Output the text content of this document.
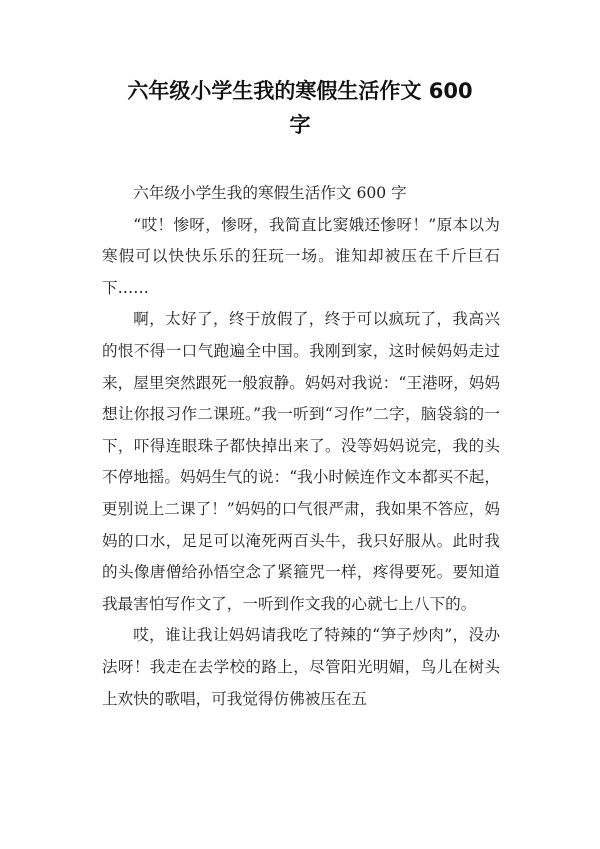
六年级小学生我的寒假生活作文 600
字

六年级小学生我的寒假生活作文 600 字

“哎！惨呀，惨呀，我简直比窦娥还惨呀！”原本以为寒假可以快快乐乐的狂玩一场。谁知却被压在千斤巨石下……

啊，太好了，终于放假了，终于可以疯玩了，我高兴的恨不得一口气跑遍全中国。我刚到家，这时候妈妈走过来，屋里突然跟死一般寂静。妈妈对我说：“王港呀，妈妈想让你报习作二课班。”我一听到“习作”二字，脑袋翁的一下，吓得连眼珠子都快掉出来了。没等妈妈说完，我的头不停地摇。妈妈生气的说：“我小时候连作文本都买不起，更别说上二课了！”妈妈的口气很严肃，我如果不答应，妈妈的口水，足足可以淹死两百头牛，我只好服从。此时我的头像唐僧给孙悟空念了紧箍咒一样，疼得要死。要知道我最害怕写作文了，一听到作文我的心就七上八下的。

哎，谁让我让妈妈请我吃了特辣的“笋子炒肉”，没办法呀！我走在去学校的路上，尽管阳光明媚，鸟儿在树头上欢快的歌唱，可我觉得仿佛被压在五
